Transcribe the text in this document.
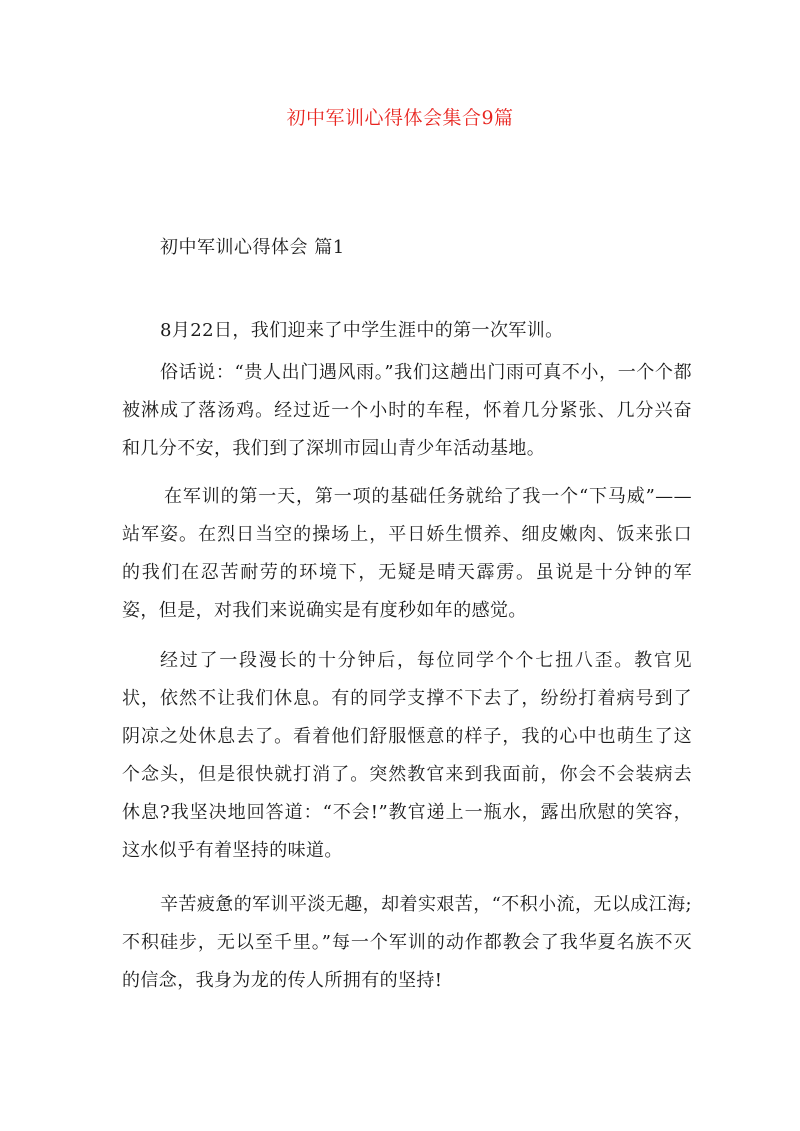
初中军训心得体会集合9篇
初中军训心得体会 篇1

8月22日，我们迎来了中学生涯中的第一次军训。

俗话说：“贵人出门遇风雨。”我们这趟出门雨可真不小，一个个都被淋成了落汤鸡。经过近一个小时的车程，怀着几分紧张、几分兴奋和几分不安，我们到了深圳市园山青少年活动基地。

在军训的第一天，第一项的基础任务就给了我一个“下马威”——站军姿。在烈日当空的操场上，平日娇生惯养、细皮嫩肉、饭来张口的我们在忍苦耐劳的环境下，无疑是晴天霹雳。虽说是十分钟的军姿，但是，对我们来说确实是有度秒如年的感觉。

经过了一段漫长的十分钟后，每位同学个个七扭八歪。教官见状，依然不让我们休息。有的同学支撑不下去了，纷纷打着病号到了阴凉之处休息去了。看着他们舒服惬意的样子，我的心中也萌生了这个念头，但是很快就打消了。突然教官来到我面前，你会不会装病去休息?我坚决地回答道：“不会!”教官递上一瓶水，露出欣慰的笑容，这水似乎有着坚持的味道。

辛苦疲惫的军训平淡无趣，却着实艰苦，“不积小流，无以成江海;不积硅步，无以至千里。”每一个军训的动作都教会了我华夏名族不灭的信念，我身为龙的传人所拥有的坚持!
